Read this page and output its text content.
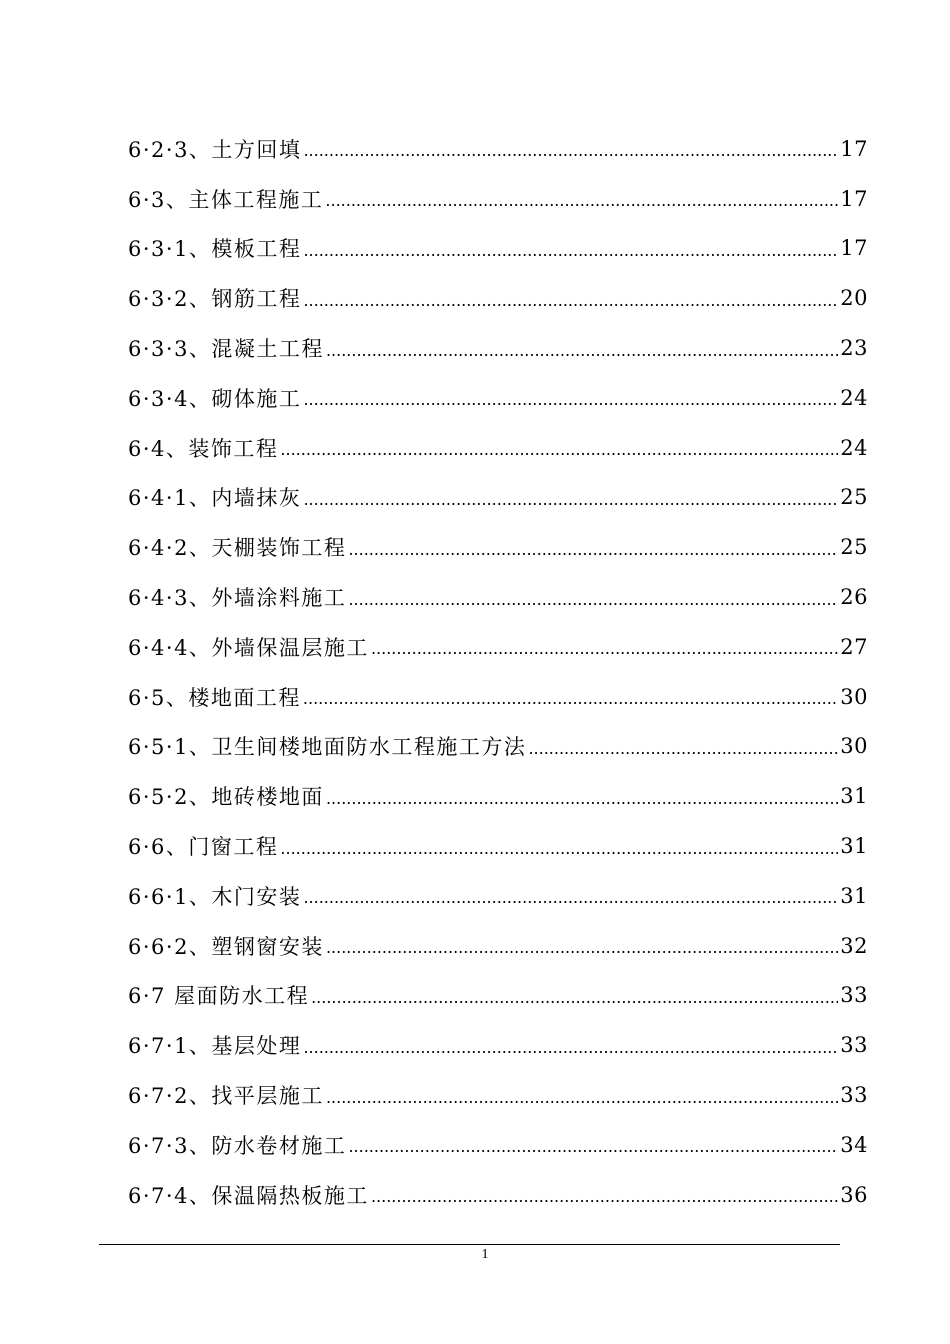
6·2·3、土方回填 .....	17
6·3、主体工程施工 .....	17
6·3·1、模板工程 .....	17
6·3·2、钢筋工程 .....	20
6·3·3、混凝土工程 .....	23
6·3·4、砌体施工 .....	24
6·4、装饰工程 .....	24
6·4·1、内墙抹灰 .....	25
6·4·2、天棚装饰工程 .....	25
6·4·3、外墙涂料施工 .....	26
6·4·4、外墙保温层施工 .....	27
6·5、楼地面工程 .....	30
6·5·1、卫生间楼地面防水工程施工方法 .....	30
6·5·2、地砖楼地面 .....	31
6·6、门窗工程 .....	31
6·6·1、木门安装 .....	31
6·6·2、塑钢窗安装 .....	32
6·7 屋面防水工程 .....	33
6·7·1、基层处理 .....	33
6·7·2、找平层施工 .....	33
6·7·3、防水卷材施工 .....	34
6·7·4、保温隔热板施工 .....	36
1
